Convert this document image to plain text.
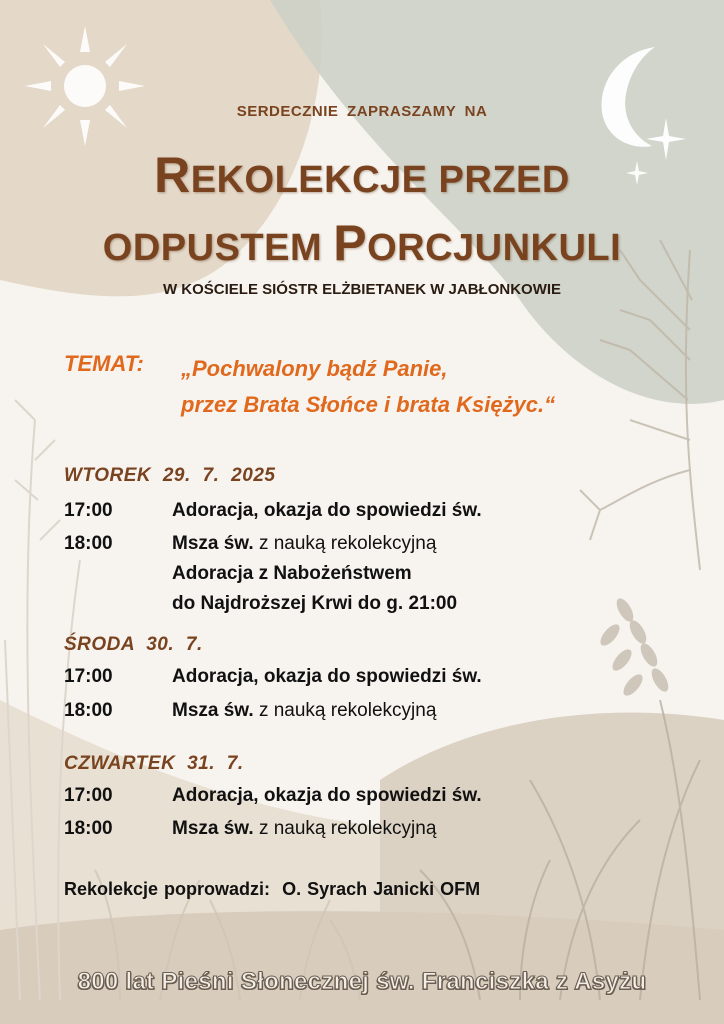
SERDECZNIE ZAPRASZAMY NA
REKOLEKCJE PRZED
ODPUSTEM PORCJUNKULI
W KOŚCIELE SIÓSTR ELŻBIETANEK W JABŁONKOWIE
TEMAT: „Pochwalony bądź Panie,
przez Brata Słońce i brata Księżyc.“
WTOREK 29. 7. 2025
17:00	Adoracja, okazja do spowiedzi św.
18:00	Msza św. z nauką rekolekcyjną
Adoracja z Nabożeństwem
do Najdroższej Krwi do g. 21:00
ŚRODA 30. 7.
17:00	Adoracja, okazja do spowiedzi św.
18:00	Msza św. z nauką rekolekcyjną
CZWARTEK 31. 7.
17:00	Adoracja, okazja do spowiedzi św.
18:00	Msza św. z nauką rekolekcyjną
Rekolekcje poprowadzi: O. Syrach Janicki OFM
800 lat Pieśni Słonecznej św. Franciszka z Asyżu
